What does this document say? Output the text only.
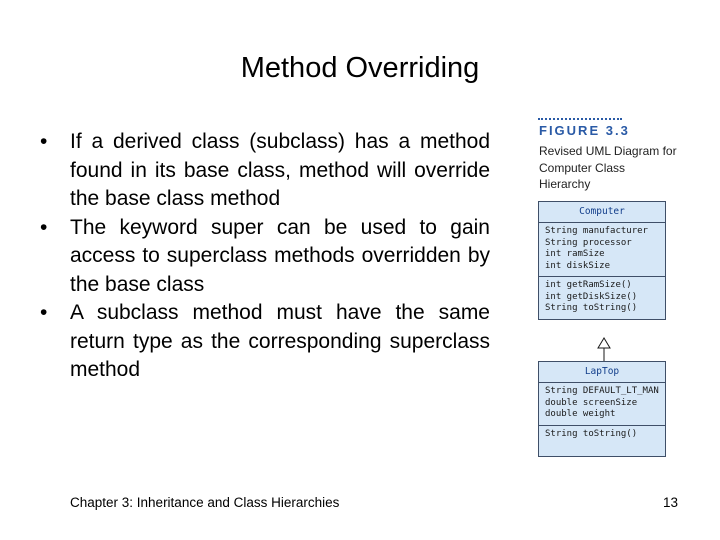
Method Overriding
• If a derived class (subclass) has a method found in its base class, method will override the base class method
• The keyword super can be used to gain access to superclass methods overridden by the base class
• A subclass method must have the same return type as the corresponding superclass method
FIGURE 3.3
Revised UML Diagram for Computer Class Hierarchy
Computer
String manufacturer
String processor
int ramSize
int diskSize
int getRamSize()
int getDiskSize()
String toString()
LapTop
String DEFAULT_LT_MAN
double screenSize
double weight
String toString()
Chapter 3: Inheritance and Class Hierarchies	13
